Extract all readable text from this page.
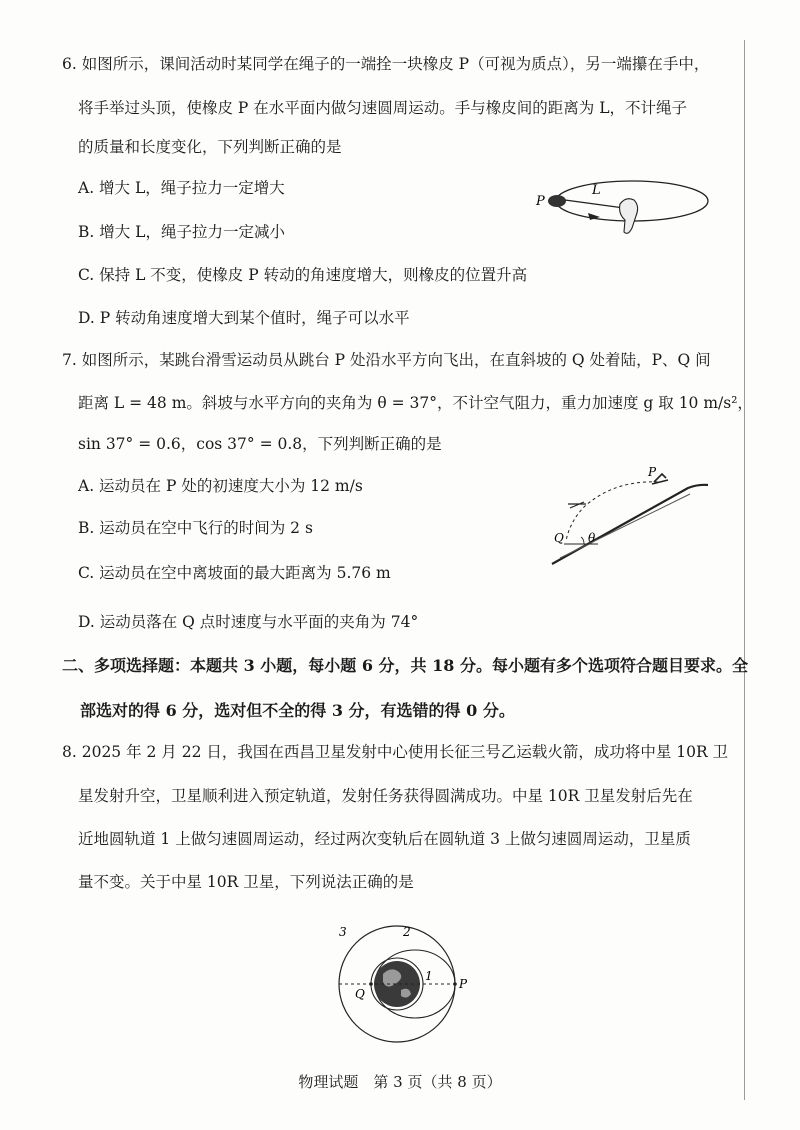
6. 如图所示，课间活动时某同学在绳子的一端拴一块橡皮 P（可视为质点），另一端攥在手中，
将手举过头顶，使橡皮 P 在水平面内做匀速圆周运动。手与橡皮间的距离为 L，不计绳子
的质量和长度变化，下列判断正确的是
A. 增大 L，绳子拉力一定增大
B. 增大 L，绳子拉力一定减小
C. 保持 L 不变，使橡皮 P 转动的角速度增大，则橡皮的位置升高
D. P 转动角速度增大到某个值时，绳子可以水平
P
L
7. 如图所示，某跳台滑雪运动员从跳台 P 处沿水平方向飞出，在直斜坡的 Q 处着陆，P、Q 间
距离 L = 48 m。斜坡与水平方向的夹角为 θ = 37°，不计空气阻力，重力加速度 g 取 10 m/s²，
sin 37° = 0.6，cos 37° = 0.8，下列判断正确的是
A. 运动员在 P 处的初速度大小为 12 m/s
B. 运动员在空中飞行的时间为 2 s
C. 运动员在空中离坡面的最大距离为 5.76 m
D. 运动员落在 Q 点时速度与水平面的夹角为 74°
P
Q θ
二、多项选择题：本题共 3 小题，每小题 6 分，共 18 分。每小题有多个选项符合题目要求。全
部选对的得 6 分，选对但不全的得 3 分，有选错的得 0 分。
8. 2025 年 2 月 22 日，我国在西昌卫星发射中心使用长征三号乙运载火箭，成功将中星 10R 卫
星发射升空，卫星顺利进入预定轨道，发射任务获得圆满成功。中星 10R 卫星发射后先在
近地圆轨道 1 上做匀速圆周运动，经过两次变轨后在圆轨道 3 上做匀速圆周运动，卫星质
量不变。关于中星 10R 卫星，下列说法正确的是
3	2
1
P
Q
物理试题　第 3 页（共 8 页）
